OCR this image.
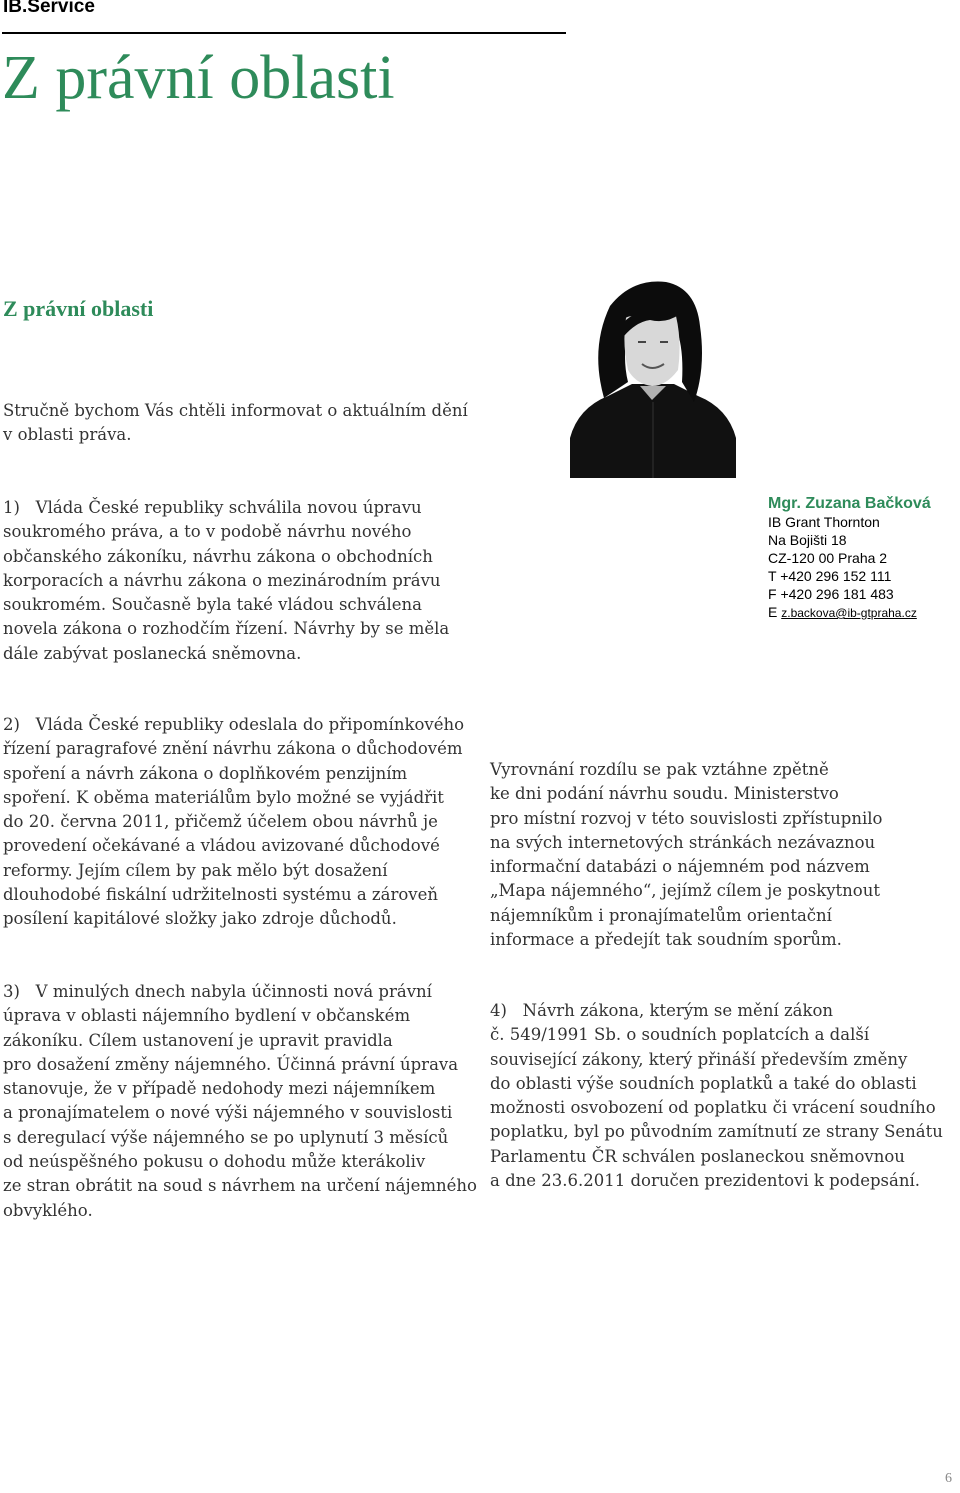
IB.Service
Z právní oblasti
Z právní oblasti
Stručně bychom Vás chtěli informovat o aktuálním dění
v oblasti práva.
1)   Vláda České republiky schválila novou úpravu
soukromého práva, a to v podobě návrhu nového
občanského zákoníku, návrhu zákona o obchodních
korporacích a návrhu zákona o mezinárodním právu
soukromém. Současně byla také vládou schválena
novela zákona o rozhodčím řízení. Návrhy by se měla
dále zabývat poslanecká sněmovna.
2)   Vláda České republiky odeslala do připomínkového
řízení paragrafové znění návrhu zákona o důchodovém
spoření a návrh zákona o doplňkovém penzijním
spoření. K oběma materiálům bylo možné se vyjádřit
do 20. června 2011, přičemž účelem obou návrhů je
provedení očekávané a vládou avizované důchodové
reformy. Jejím cílem by pak mělo být dosažení
dlouhodobé fiskální udržitelnosti systému a zároveň
posílení kapitálové složky jako zdroje důchodů.
3)   V minulých dnech nabyla účinnosti nová právní
úprava v oblasti nájemního bydlení v občanském
zákoníku. Cílem ustanovení je upravit pravidla
pro dosažení změny nájemného. Účinná právní úprava
stanovuje, že v případě nedohody mezi nájemníkem
a pronajímatelem o nové výši nájemného v souvislosti
s deregulací výše nájemného se po uplynutí 3 měsíců
od neúspěšného pokusu o dohodu může kterákoliv
ze stran obrátit na soud s návrhem na určení nájemného
obvyklého.
Vyrovnání rozdílu se pak vztáhne zpětně
ke dni podání návrhu soudu. Ministerstvo
pro místní rozvoj v této souvislosti zpřístupnilo
na svých internetových stránkách nezávaznou
informační databázi o nájemném pod názvem
„Mapa nájemného“, jejímž cílem je poskytnout
nájemníkům i pronajímatelům orientační
informace a předejít tak soudním sporům.
4)   Návrh zákona, kterým se mění zákon
č. 549/1991 Sb. o soudních poplatcích a další
související zákony, který přináší především změny
do oblasti výše soudních poplatků a také do oblasti
možnosti osvobození od poplatku či vrácení soudního
poplatku, byl po původním zamítnutí ze strany Senátu
Parlamentu ČR schválen poslaneckou sněmovnou
a dne 23.6.2011 doručen prezidentovi k podepsání.
Mgr. Zuzana Bačková
IB Grant Thornton
Na Bojišti 18
CZ-120 00 Praha 2
T +420 296 152 111
F +420 296 181 483
E z.backova@ib-gtpraha.cz
6
